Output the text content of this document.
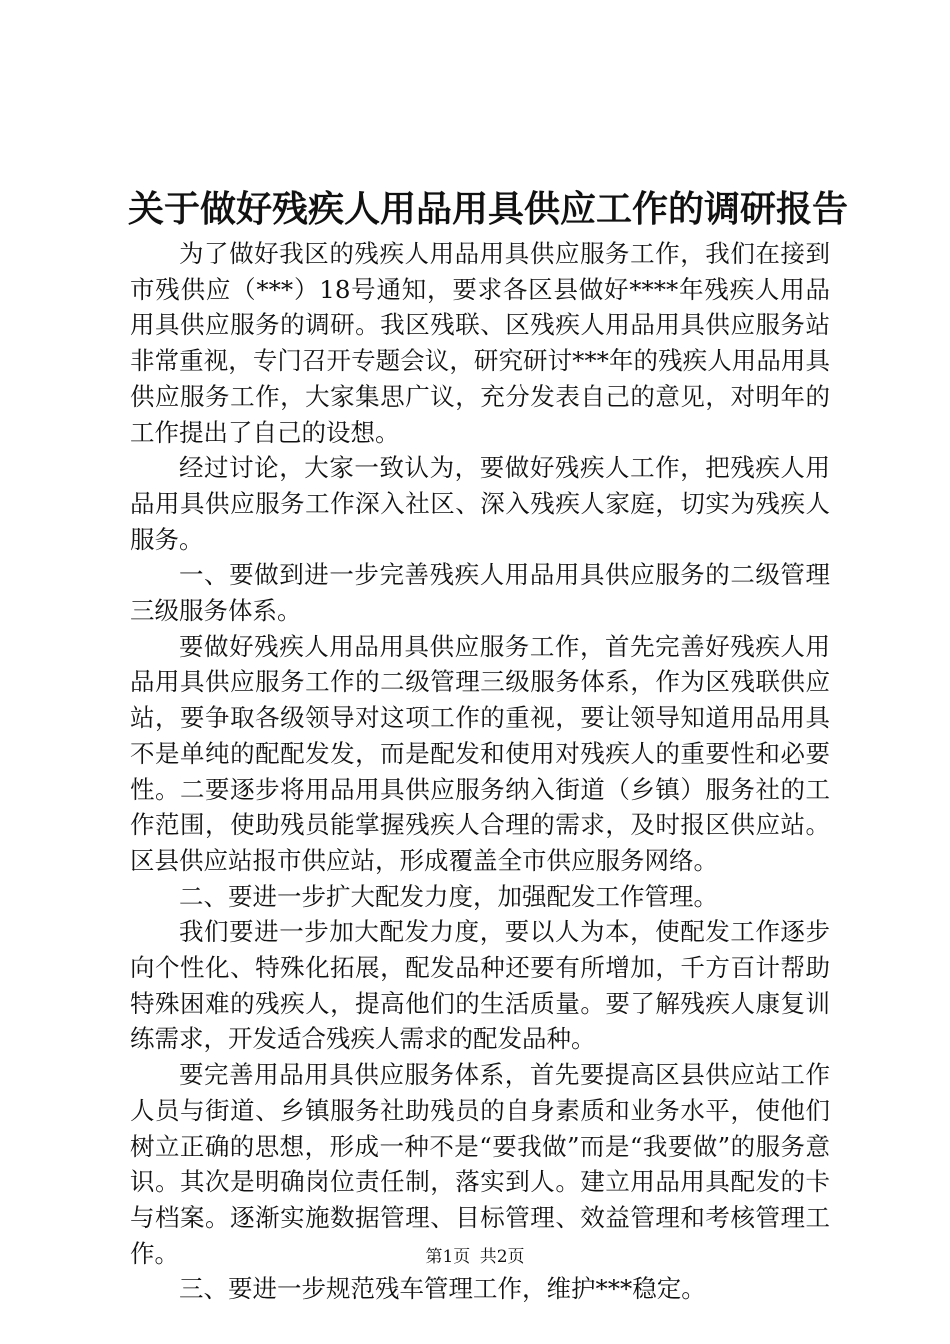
关于做好残疾人用品用具供应工作的调研报告

为了做好我区的残疾人用品用具供应服务工作，我们在接到市残供应（***）18号通知，要求各区县做好****年残疾人用品用具供应服务的调研。我区残联、区残疾人用品用具供应服务站非常重视，专门召开专题会议，研究研讨***年的残疾人用品用具供应服务工作，大家集思广议，充分发表自己的意见，对明年的工作提出了自己的设想。

经过讨论，大家一致认为，要做好残疾人工作，把残疾人用品用具供应服务工作深入社区、深入残疾人家庭，切实为残疾人服务。

一、要做到进一步完善残疾人用品用具供应服务的二级管理三级服务体系。

要做好残疾人用品用具供应服务工作，首先完善好残疾人用品用具供应服务工作的二级管理三级服务体系，作为区残联供应站，要争取各级领导对这项工作的重视，要让领导知道用品用具不是单纯的配配发发，而是配发和使用对残疾人的重要性和必要性。二要逐步将用品用具供应服务纳入街道（乡镇）服务社的工作范围，使助残员能掌握残疾人合理的需求，及时报区供应站。区县供应站报市供应站，形成覆盖全市供应服务网络。

二、要进一步扩大配发力度，加强配发工作管理。

我们要进一步加大配发力度，要以人为本，使配发工作逐步向个性化、特殊化拓展，配发品种还要有所增加，千方百计帮助特殊困难的残疾人，提高他们的生活质量。要了解残疾人康复训练需求，开发适合残疾人需求的配发品种。

要完善用品用具供应服务体系，首先要提高区县供应站工作人员与街道、乡镇服务社助残员的自身素质和业务水平，使他们树立正确的思想，形成一种不是“要我做”而是“我要做”的服务意识。其次是明确岗位责任制，落实到人。建立用品用具配发的卡与档案。逐渐实施数据管理、目标管理、效益管理和考核管理工作。

三、要进一步规范残车管理工作，维护***稳定。

第1页 共2页
